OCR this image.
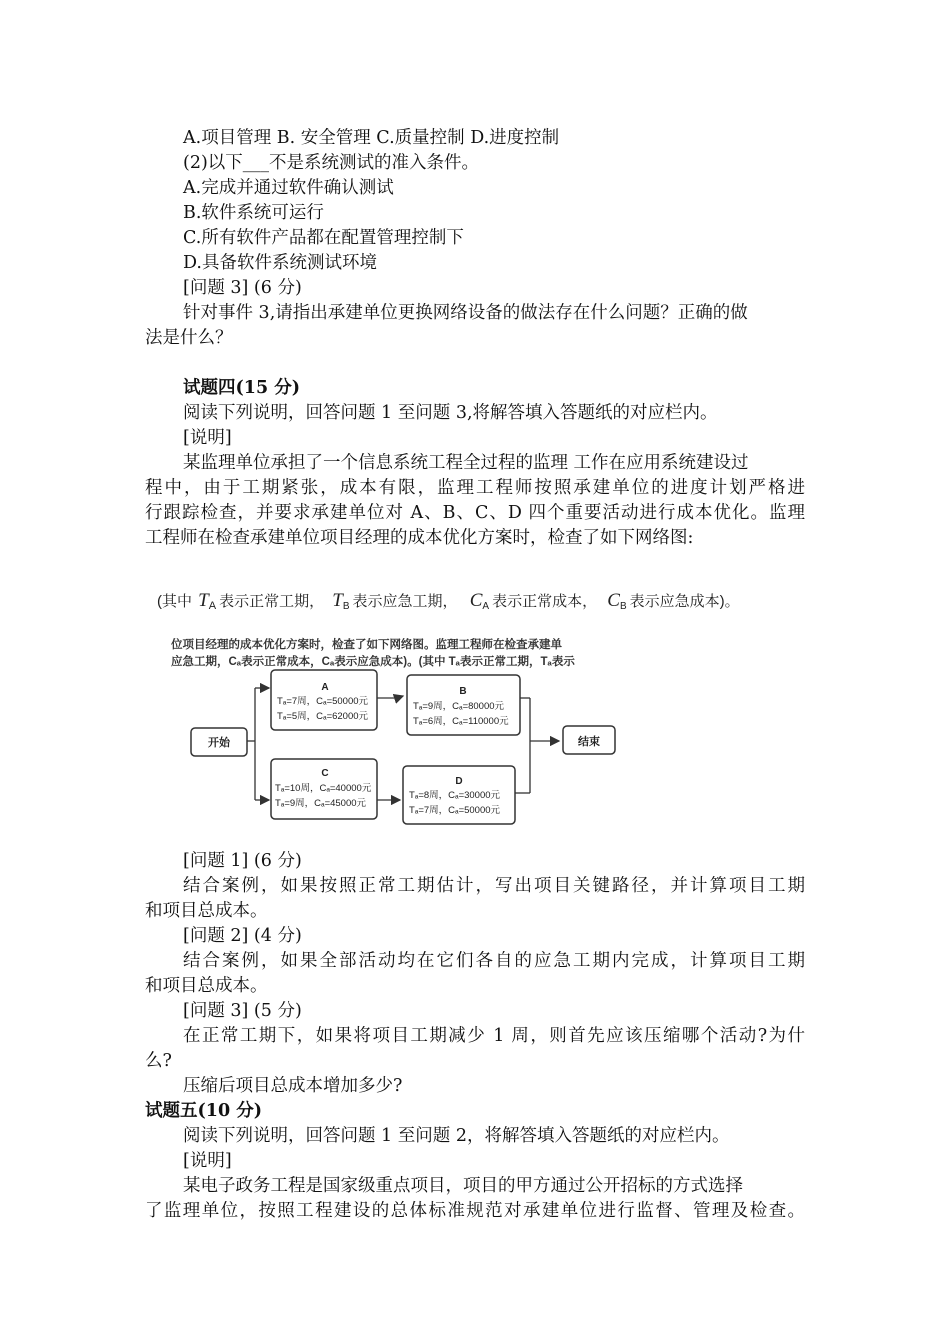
A.项目管理 B. 安全管理 C.质量控制 D.进度控制
(2)以下___不是系统测试的准入条件。
A.完成并通过软件确认测试
B.软件系统可运行
C.所有软件产品都在配置管理控制下
D.具备软件系统测试环境
[问题 3] (6 分)
针对事件 3,请指出承建单位更换网络设备的做法存在什么问题？正确的做
法是什么？
试题四(15 分)
阅读下列说明，回答问题 1 至问题 3,将解答填入答题纸的对应栏内。
[说明]
某监理单位承担了一个信息系统工程全过程的监理 工作在应用系统建设过
程中，由于工期紧张，成本有限，监理工程师按照承建单位的进度计划严格进
行跟踪检查，并要求承建单位对 A、B、C、D 四个重要活动进行成本优化。监理
工程师在检查承建单位项目经理的成本优化方案时，检查了如下网络图:
(其中 $T_A$ 表示正常工期， $T_B$ 表示应急工期， $C_A$ 表示正常成本， $C_B$ 表示应急成本)。
位项目经理的成本优化方案时，检查了如下网络图。监理工程师在检查承建单
应急工期，Cₐ表示正常成本，Cₐ表示应急成本)。(其中 Tₐ表示正常工期，Tₐ表示
开始	结束
A
Tₐ=7周，Cₐ=50000元
Tₐ=5周，Cₐ=62000元
B
Tₐ=9周，Cₐ=80000元
Tₐ=6周，Cₐ=110000元
C
Tₐ=10周，Cₐ=40000元
Tₐ=9周，Cₐ=45000元
D
Tₐ=8周，Cₐ=30000元
Tₐ=7周，Cₐ=50000元
[问题 1] (6 分)
结合案例，如果按照正常工期估计，写出项目关键路径，并计算项目工期
和项目总成本。
[问题 2] (4 分)
结合案例，如果全部活动均在它们各自的应急工期内完成，计算项目工期
和项目总成本。
[问题 3] (5 分)
在正常工期下，如果将项目工期减少 1 周，则首先应该压缩哪个活动?为什
么?
压缩后项目总成本增加多少?
试题五(10 分)
阅读下列说明，回答问题 1 至问题 2，将解答填入答题纸的对应栏内。
[说明]
某电子政务工程是国家级重点项目，项目的甲方通过公开招标的方式选择
了监理单位，按照工程建设的总体标准规范对承建单位进行监督、管理及检查。
